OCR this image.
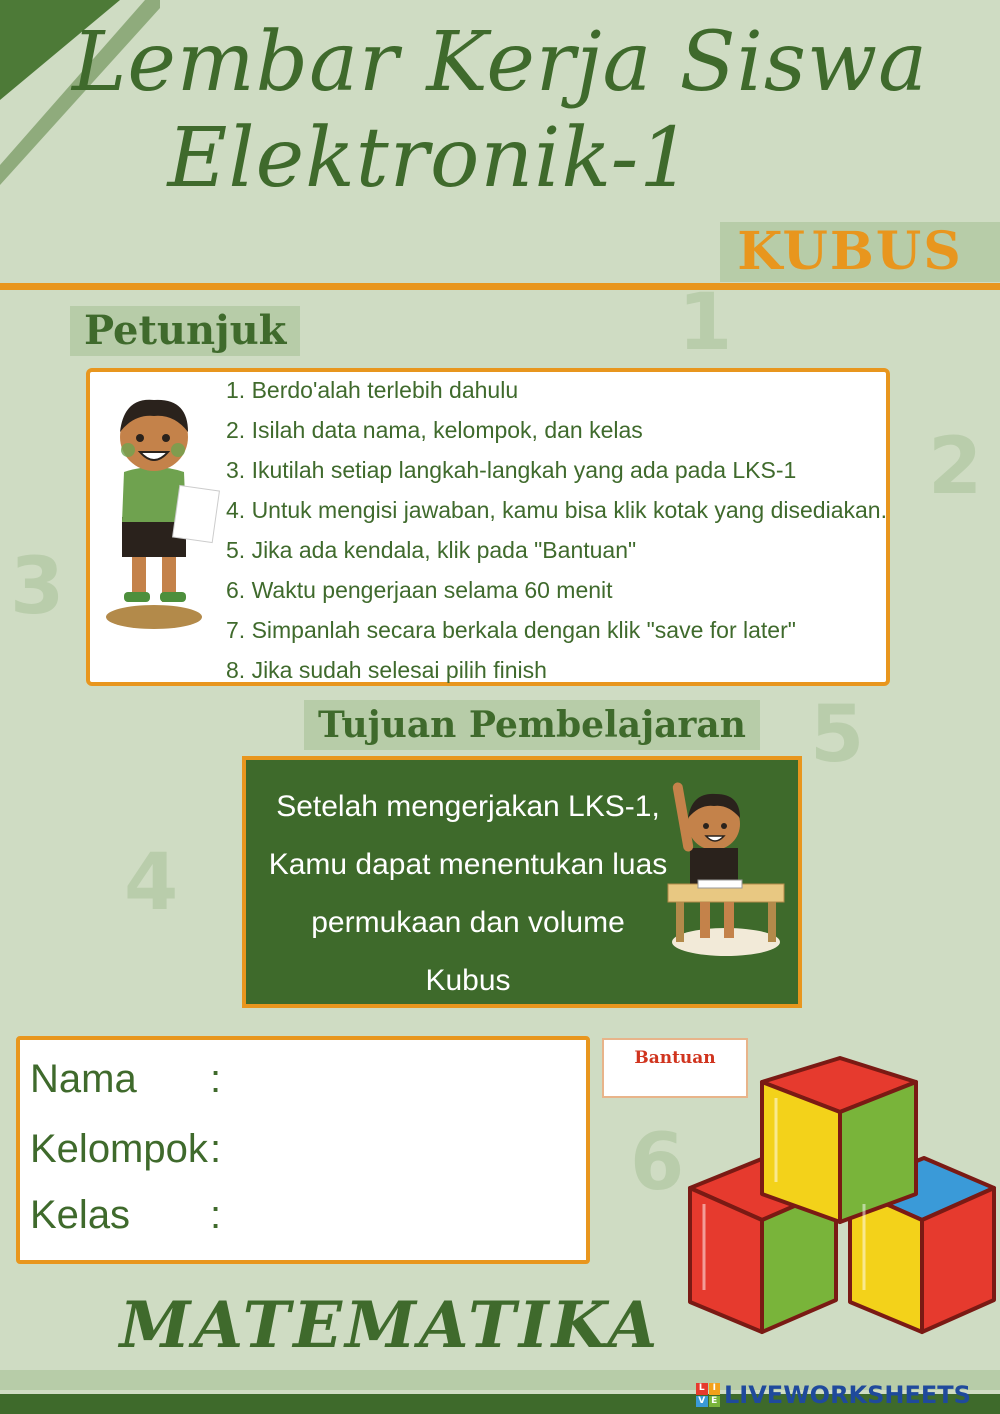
Lembar Kerja Siswa
Elektronik-1
KUBUS
1
2
3
4
5
6
Petunjuk
1. Berdo'alah terlebih dahulu
2. Isilah data nama, kelompok, dan kelas
3. Ikutilah setiap langkah-langkah yang ada pada LKS-1
4. Untuk mengisi jawaban, kamu bisa klik kotak yang disediakan.
5. Jika ada kendala, klik pada "Bantuan"
6. Waktu pengerjaan selama 60 menit
7. Simpanlah secara berkala dengan klik "save for later"
8. Jika sudah selesai pilih finish
Tujuan Pembelajaran
Setelah mengerjakan LKS-1,
Kamu dapat menentukan luas
permukaan dan volume Kubus
Nama :
Kelompok:
Kelas :
Bantuan
MATEMATIKA
L I
V E LIVEWORKSHEETS
